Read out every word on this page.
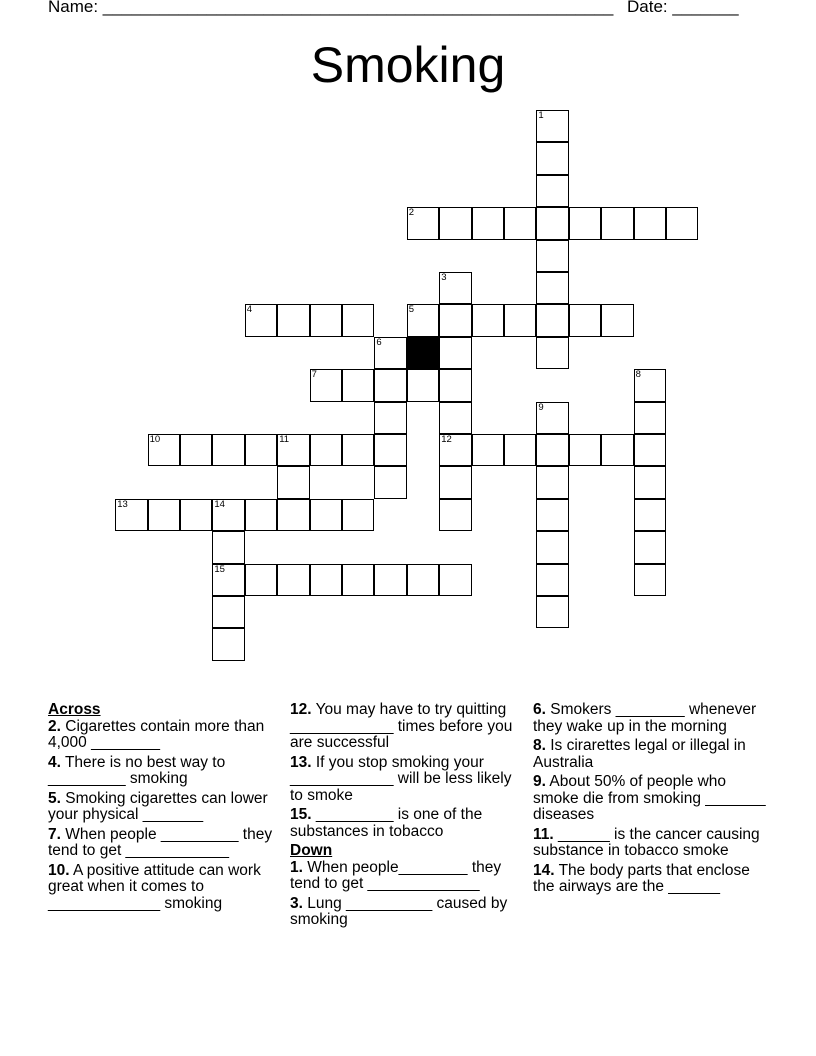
Name: ______________________________________________________ Date: _______
Smoking
2
4	5
7
10	11	12
13	14
15
1
3
6
8
9
Across
2. Cigarettes contain more than 4,000 ________
4. There is no best way to _________ smoking
5. Smoking cigarettes can lower your physical _______
7. When people _________ they tend to get ____________
10. A positive attitude can work great when it comes to _____________ smoking
12. You may have to try quitting ____________ times before you are successful
13. If you stop smoking your ____________ will be less likely to smoke
15. _________ is one of the substances in tobacco
Down
1. When people________ they tend to get _____________
3. Lung __________ caused by smoking
6. Smokers ________ whenever they wake up in the morning
8. Is cirarettes legal or illegal in Australia
9. About 50% of people who smoke die from smoking _______ diseases
11. ______ is the cancer causing substance in tobacco smoke
14. The body parts that enclose the airways are the ______
